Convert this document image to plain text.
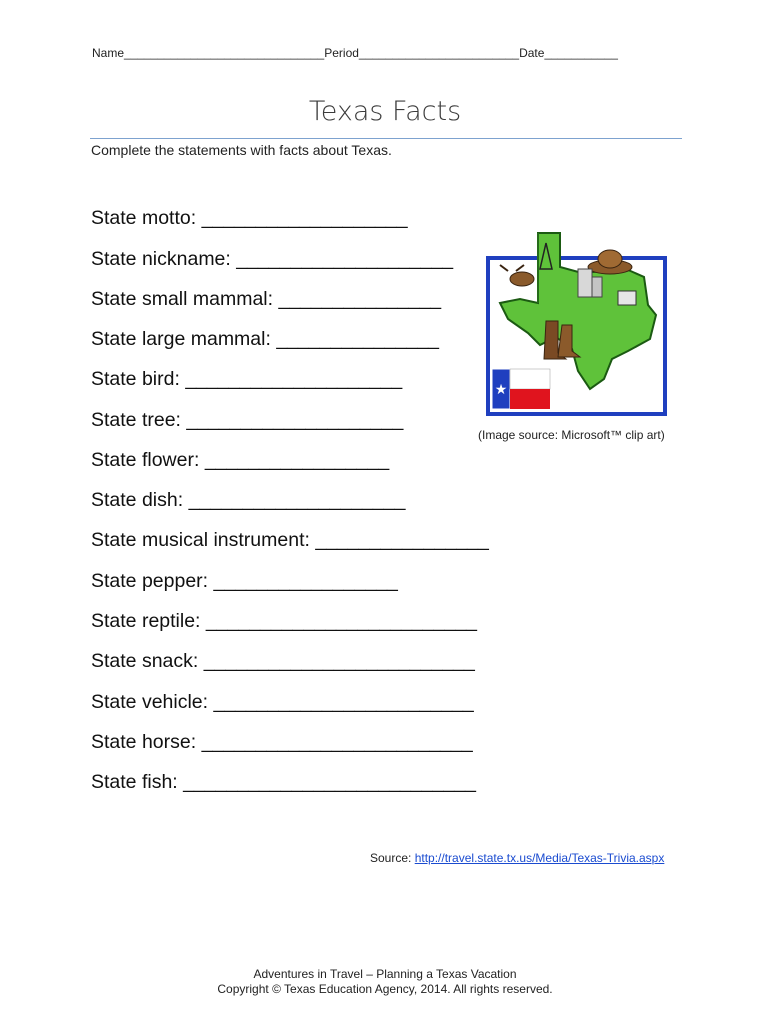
Name______________________________Period________________________Date___________
Texas Facts
Complete the statements with facts about Texas.
State motto: ___________________
State nickname: ____________________
State small mammal: _______________
State large mammal: _______________
State bird: ____________________
State tree: ____________________
State flower: _________________
State dish: ____________________
State musical instrument: ________________
State pepper: _________________
State reptile: _________________________
State snack: _________________________
State vehicle: ________________________
State horse: _________________________
State fish: ___________________________
★
Texas • U.S.A.
(Image source: Microsoft™ clip art)
Source: http://travel.state.tx.us/Media/Texas-Trivia.aspx
Adventures in Travel – Planning a Texas Vacation
Copyright © Texas Education Agency, 2014. All rights reserved.
